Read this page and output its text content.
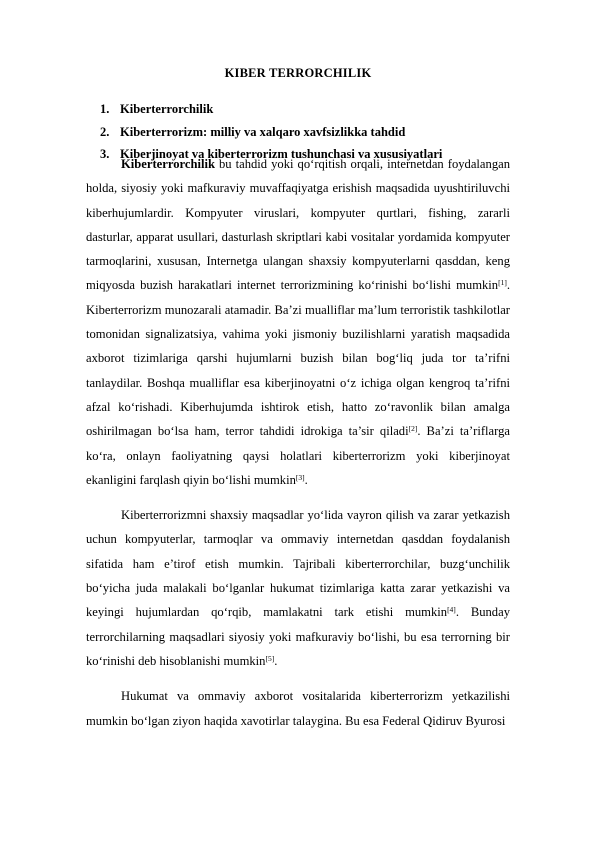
KIBER TERRORCHILIK
1. Kiberterrorchilik
2. Kiberterrorizm: milliy va xalqaro xavfsizlikka tahdid
3. Kiberjinoyat va kiberterrorizm tushunchasi va xususiyatlari

Kiberterrorchilik bu tahdid yoki qo‘rqitish orqali, internetdan foydalangan holda, siyosiy yoki mafkuraviy muvaffaqiyatga erishish maqsadida uyushtiriluvchi kiberhujumlardir. Kompyuter viruslari, kompyuter qurtlari, fishing, zararli dasturlar, apparat usullari, dasturlash skriptlari kabi vositalar yordamida kompyuter tarmoqlarini, xususan, Internetga ulangan shaxsiy kompyuterlarni qasddan, keng miqyosda buzish harakatlari internet terrorizmining ko‘rinishi bo‘lishi mumkin[1]. Kiberterrorizm munozarali atamadir. Ba’zi mualliflar ma’lum terroristik tashkilotlar tomonidan signalizatsiya, vahima yoki jismoniy buzilishlarni yaratish maqsadida axborot tizimlariga qarshi hujumlarni buzish bilan bog‘liq juda tor ta’rifni tanlaydilar. Boshqa mualliflar esa kiberjinoyatni o‘z ichiga olgan kengroq ta’rifni afzal ko‘rishadi. Kiberhujumda ishtirok etish, hatto zo‘ravonlik bilan amalga oshirilmagan bo‘lsa ham, terror tahdidi idrokiga ta’sir qiladi[2]. Ba’zi ta’riflarga ko‘ra, onlayn faoliyatning qaysi holatlari kiberterrorizm yoki kiberjinoyat ekanligini farqlash qiyin bo‘lishi mumkin[3].

Kiberterrorizmni shaxsiy maqsadlar yo‘lida vayron qilish va zarar yetkazish uchun kompyuterlar, tarmoqlar va ommaviy internetdan qasddan foydalanish sifatida ham e’tirof etish mumkin. Tajribali kiberterrorchilar, buzg‘unchilik bo‘yicha juda malakali bo‘lganlar hukumat tizimlariga katta zarar yetkazishi va keyingi hujumlardan qo‘rqib, mamlakatni tark etishi mumkin[4]. Bunday terrorchilarning maqsadlari siyosiy yoki mafkuraviy bo‘lishi, bu esa terrorning bir ko‘rinishi deb hisoblanishi mumkin[5].

Hukumat va ommaviy axborot vositalarida kiberterrorizm yetkazilishi mumkin bo‘lgan ziyon haqida xavotirlar talaygina. Bu esa Federal Qidiruv Byurosi
